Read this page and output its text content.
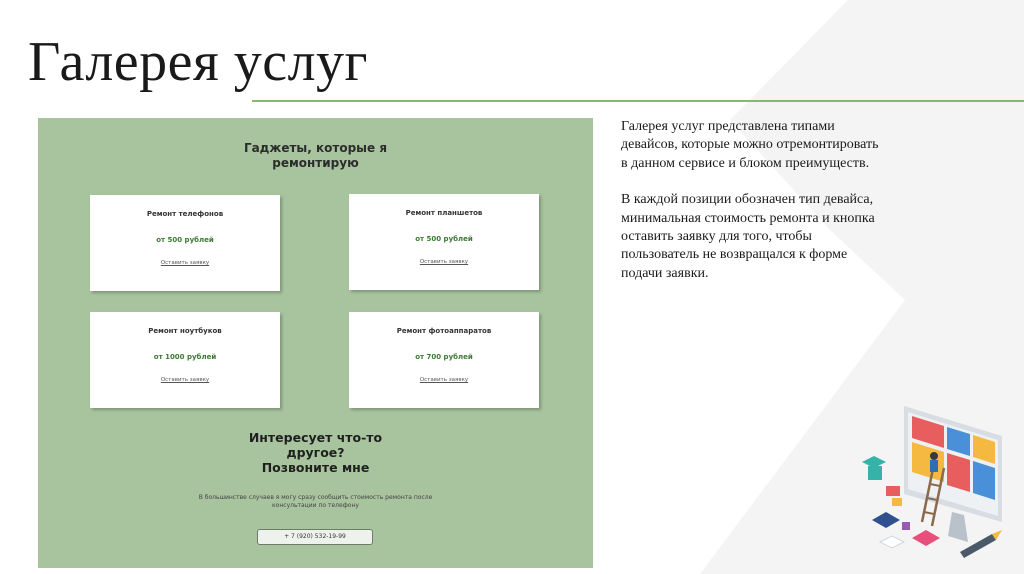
Галерея услуг
Гаджеты, которые я
ремонтирую
Ремонт телефонов
от 500 рублей
Оставить заявку
Ремонт планшетов
от 500 рублей
Оставить заявку
Ремонт ноутбуков
от 1000 рублей
Оставить заявку
Ремонт фотоаппаратов
от 700 рублей
Оставить заявку
Интересует что-то
другое?
Позвоните мне
В большинстве случаев я могу сразу сообщить стоимость ремонта после
консультации по телефону
+ 7 (920) 532-19-99

Галерея услуг представлена типами девайсов, которые можно отремонтировать в данном сервисе и блоком преимуществ.

В каждой позиции обозначен тип девайса, минимальная стоимость ремонта и кнопка оставить заявку для того, чтобы пользователь не возвращался к форме подачи заявки.
